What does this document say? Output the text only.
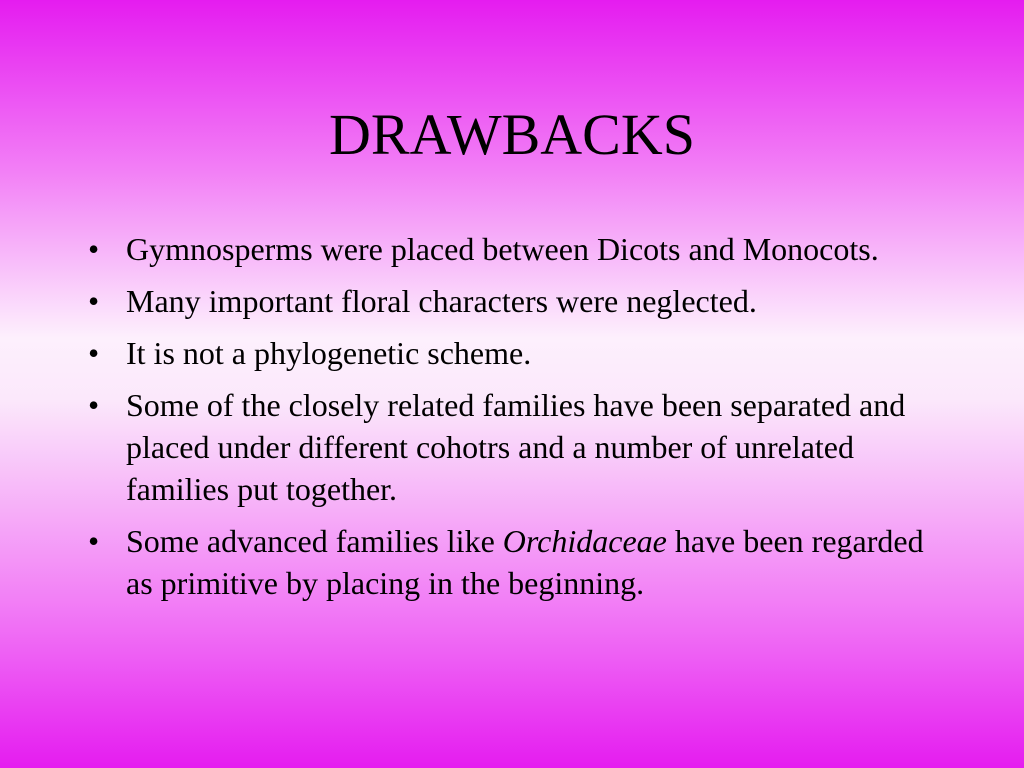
DRAWBACKS
• Gymnosperms were placed between Dicots and Monocots.
• Many important floral characters were neglected.
• It is not a phylogenetic scheme.
• Some of the closely related families have been separated and placed under different cohotrs and a number of unrelated families put together.
• Some advanced families like Orchidaceae have been regarded as primitive by placing in the beginning.
